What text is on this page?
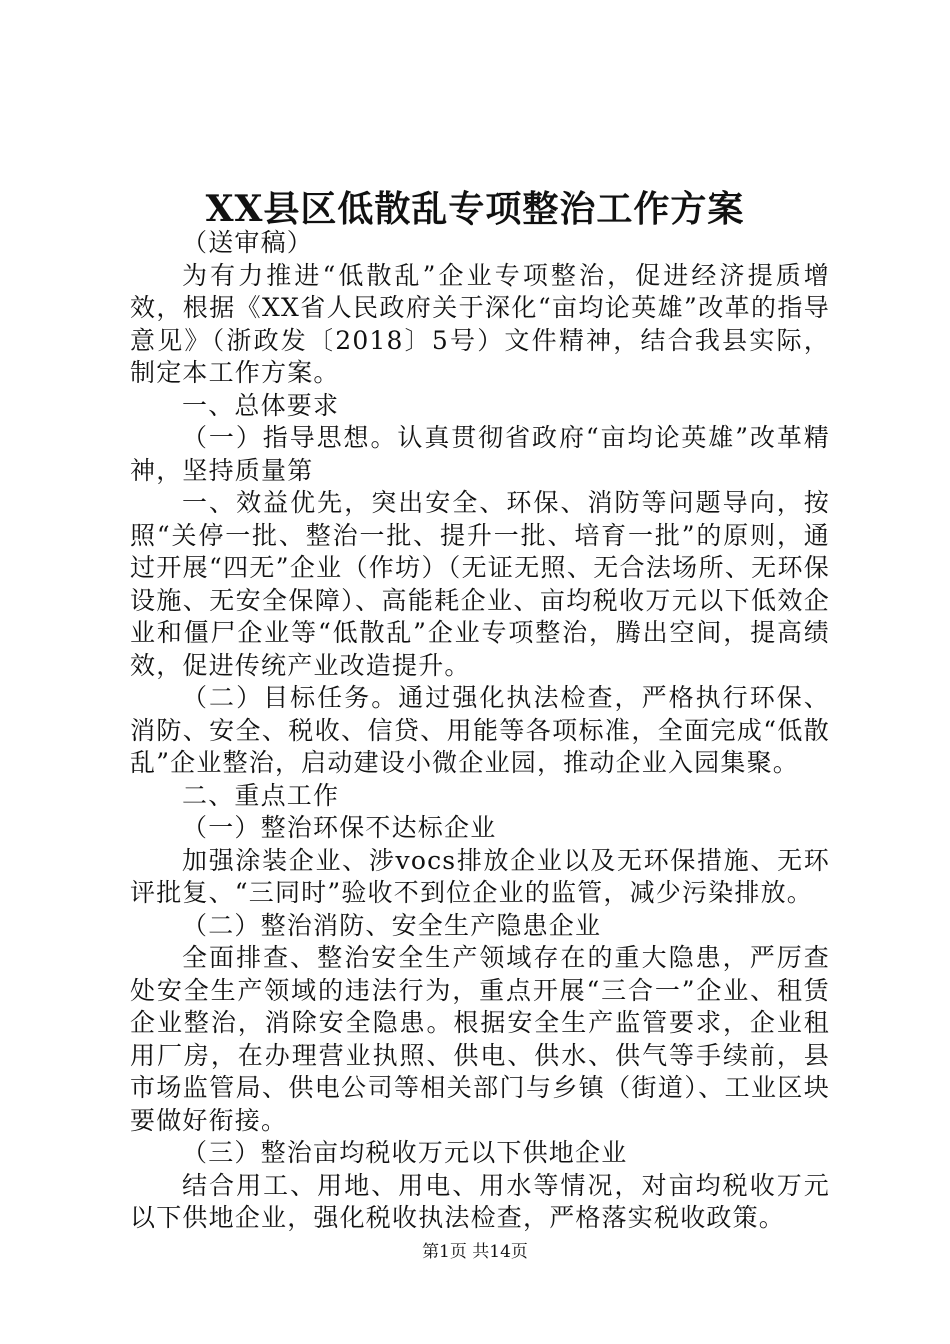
XX县区低散乱专项整治工作方案

（送审稿）

为有力推进“低散乱”企业专项整治，促进经济提质增效，根据《XX省人民政府关于深化“亩均论英雄”改革的指导意见》（浙政发〔2018〕5号）文件精神，结合我县实际，制定本工作方案。

一、总体要求

（一）指导思想。认真贯彻省政府“亩均论英雄”改革精神，坚持质量第

一、效益优先，突出安全、环保、消防等问题导向，按照“关停一批、整治一批、提升一批、培育一批”的原则，通过开展“四无”企业（作坊）（无证无照、无合法场所、无环保设施、无安全保障）、高能耗企业、亩均税收万元以下低效企业和僵尸企业等“低散乱”企业专项整治，腾出空间，提高绩效，促进传统产业改造提升。

（二）目标任务。通过强化执法检查，严格执行环保、消防、安全、税收、信贷、用能等各项标准，全面完成“低散乱”企业整治，启动建设小微企业园，推动企业入园集聚。

二、重点工作

（一）整治环保不达标企业

加强涂装企业、涉vocs排放企业以及无环保措施、无环评批复、“三同时”验收不到位企业的监管，减少污染排放。

（二）整治消防、安全生产隐患企业

全面排查、整治安全生产领域存在的重大隐患，严厉查处安全生产领域的违法行为，重点开展“三合一”企业、租赁企业整治，消除安全隐患。根据安全生产监管要求，企业租用厂房，在办理营业执照、供电、供水、供气等手续前，县市场监管局、供电公司等相关部门与乡镇（街道）、工业区块要做好衔接。

（三）整治亩均税收万元以下供地企业

结合用工、用地、用电、用水等情况，对亩均税收万元以下供地企业，强化税收执法检查，严格落实税收政策。

第1页 共14页
